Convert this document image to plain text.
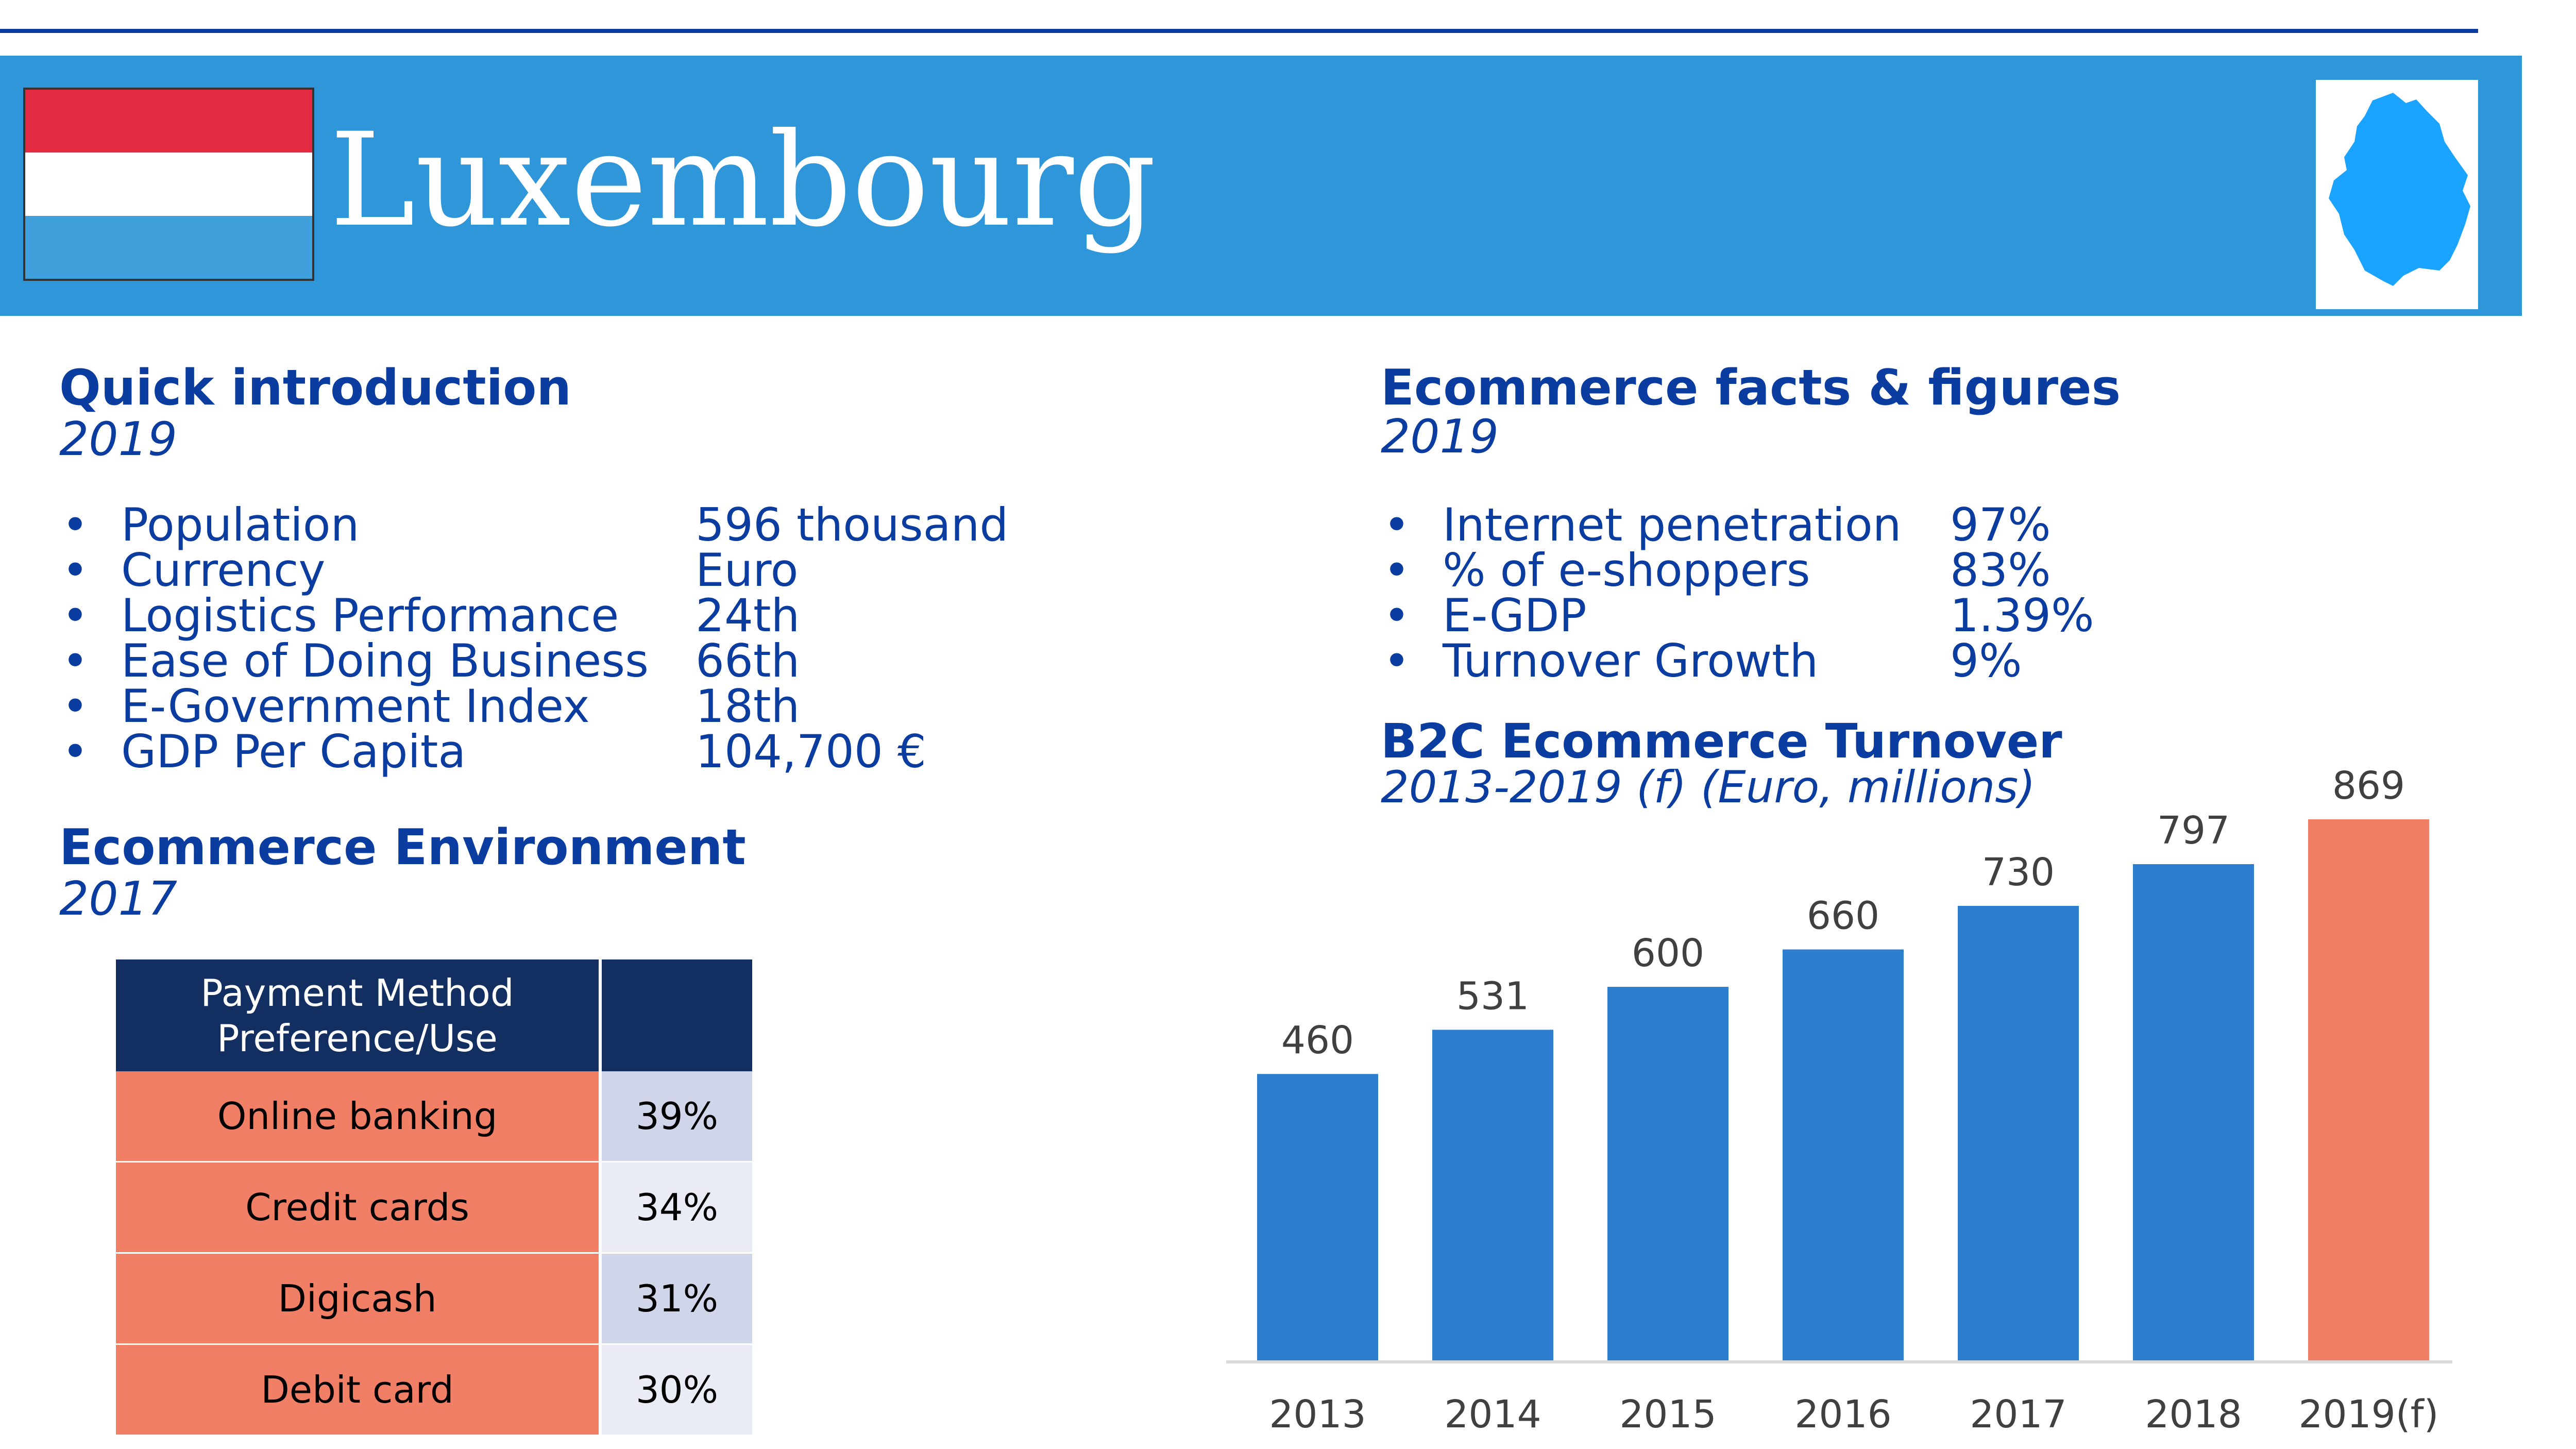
Luxembourg
Quick introduction
2019
• Population	596 thousand
• Currency	Euro
• Logistics Performance 24th
• Ease of Doing Business 66th
• E-Government Index 18th
• GDP Per Capita	104,700 €
Ecommerce Environment
2017
Payment Method
Preference/Use	
Online banking	39%
Credit cards	34%
Digicash	31%
Debit card	30%
Ecommerce facts & figures
2019
• Internet penetration 97%
• % of e-shoppers	83%
• E-GDP	1.39%
• Turnover Growth	9%
B2C Ecommerce Turnover
2013-2019 (f) (Euro, millions)
460
2013
531
2014
600
2015
660
2016
730
2017
797
2018
869
2019(f)
